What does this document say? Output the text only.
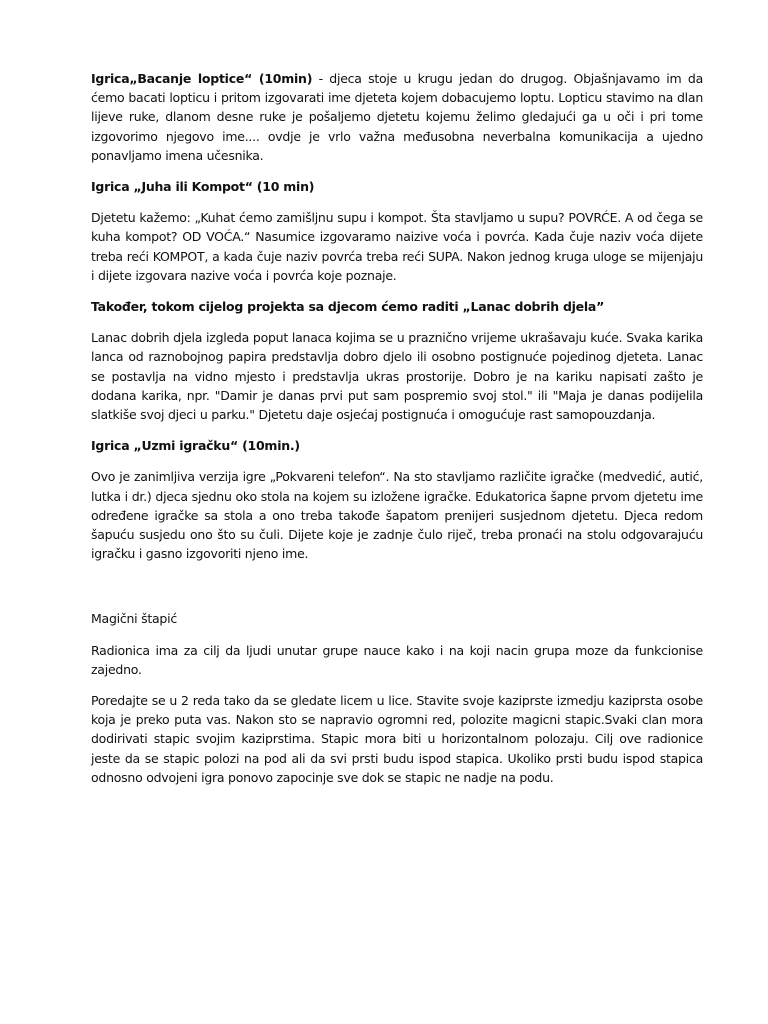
Igrica„Bacanje loptice“ (10min) - djeca stoje u krugu jedan do drugog. Objašnjavamo im da ćemo bacati lopticu i pritom izgovarati ime djeteta kojem dobacujemo loptu. Lopticu stavimo na dlan lijeve ruke, dlanom desne ruke je pošaljemo djetetu kojemu želimo gledajući ga u oči i pri tome izgovorimo njegovo ime.... ovdje je vrlo važna međusobna neverbalna komunikacija a ujedno ponavljamo imena učesnika.

Igrica „Juha ili Kompot“ (10 min)

Djetetu kažemo: „Kuhat ćemo zamišljnu supu i kompot. Šta stavljamo u supu? POVRĆE. A od čega se kuha kompot? OD VOĆA.“ Nasumice izgovaramo naizive voća i povrća. Kada čuje naziv voća dijete treba reći KOMPOT, a kada čuje naziv povrća treba reći SUPA. Nakon jednog kruga uloge se mijenjaju i dijete izgovara nazive voća i povrća koje poznaje.

Također, tokom cijelog projekta sa djecom ćemo raditi „Lanac dobrih djela”

Lanac dobrih djela izgleda poput lanaca kojima se u prazničnо vrijeme ukrašavaju kuće. Svaka karika lanca od raznobojnog papira predstavlja dobro djelo ili osobno postignuće pojedinog djeteta. Lanac se postavlja na vidno mjesto i predstavlja ukras prostorije. Dobro je na kariku napisati zašto je dodana karika, npr. "Damir je danas prvi put sam pospremio svoj stol." ili "Maja je danas podijelila slatkiše svoj djeci u parku." Djetetu daje osjećaj postignuća i omogućuje rast samopouzdanja.

Igrica „Uzmi igračku“ (10min.)

Ovo je zanimljiva verzija igre „Pokvareni telefon“. Na sto stavljamo različite igračke (medvedić, autić, lutka i dr.) djeca sjednu oko stola na kojem su izložene igračke. Edukatorica šapne prvom djetetu ime određene igračke sa stola a ono treba takođe šapatom prenijeri susjednom djetetu. Djeca redom šapuću susjedu ono što su čuli. Dijete koje je zadnje čulo riječ, treba pronaći na stolu odgovarajuću igračku i gasno izgovoriti njeno ime.

Magični štapić

Radionica ima za cilj da ljudi unutar grupe nauce kako i na koji nacin grupa moze da funkcionise zajedno.

Poredajte se u 2 reda tako da se gledate licem u lice. Stavite svoje kaziprste izmedju kaziprsta osobe koja je preko puta vas. Nakon sto se napravio ogromni red, polozite magicni stapic.Svaki clan mora dodirivati stapic svojim kaziprstima. Stapic mora biti u horizontalnom polozaju. Cilj ove radionice jeste da se stapic polozi na pod ali da svi prsti budu ispod stapica. Ukoliko prsti budu ispod stapica odnosno odvojeni igra ponovo zapocinje sve dok se stapic ne nadje na podu.
